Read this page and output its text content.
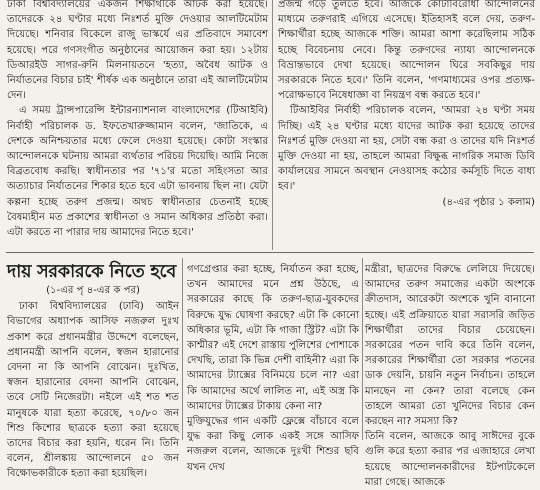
ঢাকা বিশ্ববিদ্যালয়ের একজন শিক্ষার্থীকে আটক করা হয়েছে। তাদেরকে ২৪ ঘণ্টার মধ্যে নিঃশর্ত মুক্তি দেওয়ার আলটিমেটাম দিয়েছে। শনিবার বিকেলে রাজু ভাস্কর্যে এর প্রতিবাদে সমাবেশ হয়েছে। পরে গণসংগীত অনুষ্ঠানের আয়োজন করা হয়। ১২টায় ডিআরইউ সাগর-রুনি মিলনায়তনে 'হত্যা, অবৈধ আটক ও নির্যাতনের বিচার চাই' শীর্ষক এক অনুষ্ঠানে তারা এই আলটিমেটাম দেন।

এ সময় ট্রান্সপারেন্সি ইন্টারন্যাশনাল বাংলাদেশের (টিআইবি) নির্বাহী পরিচালক ড. ইফতেখারুজ্জামান বলেন, 'জাতিকে, এ দেশকে অনিশ্চয়তার মধ্যে ফেলে দেওয়া হয়েছে। কোটা সংস্কার আন্দোলনকে ঘটনায় আমরা ব্যর্থতার পরিচয় দিয়েছি। আমি নিজে বিব্রতবোধ করছি। স্বাধীনতার পর '৭১'র মতো সহিংসতা আর অত্যাচার নির্যাতনের শিকার হতে হবে এটা ভাবনায় ছিল না। যেটা কল্পনা হচ্ছে তরুণ প্রজন্ম। অথচ স্বাধীনতার চেতনাই হচ্ছে বৈষম্যহীন মত প্রকাশের স্বাধীনতা ও সমান অধিকার প্রতিষ্ঠা করা। এটা করতে না পারার দায় আমাদের নিতে হবে।'

প্রজন্ম গড়ে তুলতে হবে। আজকে কোটাবিরোধী আন্দোলনের মাধ্যমে তরুণরাই এগিয়ে এসেছে। ইতিহাসই বলে দেয়, তরুণ-শিক্ষার্থীরা হচ্ছে আজকে শক্তি। আমরা আশা করেছিলাম সঠিক হচ্ছে বিবেচনায় নেবে। কিন্তু তরুণদের ন্যায্য আন্দোলনকে বিভ্রান্তভাবে দেখা হয়েছে। আন্দোলন ঘিরে সবকিছুর দায় সরকারকে নিতে হবে।' তিনি বলেন, 'গণমাধ্যমের ওপর প্রত্যক্ষ-পরোক্ষভাবে নিষেধাজ্ঞা বা নিয়ন্ত্রণ বন্ধ করতে হবে।'

টিআইবির নির্বাহী পরিচালক বলেন, 'আমরা ২৪ ঘণ্টা সময় দিচ্ছি। এই ২৪ ঘণ্টার মধ্যে যাদের আটক করা হয়েছে তাদের নিঃশর্ত মুক্তি দেওয়া না হয়, সেটা বন্ধ করা ও তাদের যদি নিঃশর্ত মুক্তি দেওয়া না হয়, তাহলে আমরা বিক্ষুব্ধ নাগরিক সমাজ ডিবি কার্যালয়ের সামনে অবস্থান নেওয়াসহ কঠোর কর্মসূচি দিতে বাধ্য হব।'

(৪-এর পৃষ্ঠার ১ কলাম)

দায় সরকারকে নিতে হবে

(১-এর পৃ ৪-এর ক পর)

ঢাকা বিশ্ববিদ্যালয়ের (ঢাবি) আইন বিভাগের অধ্যাপক আসিফ নজরুল দুঃখ প্রকাশ করে প্রধানমন্ত্রীর উদ্দেশে বলেছেন, প্রধানমন্ত্রী আপনি বলেন, স্বজন হারানোর বেদনা না কি আপনি বোঝেন। দুঃখিত, স্বজন হারানোর বেদনা আপনি বোঝেন, তবে সেটি নিজেরটা। নইলে এই শত শত মানুষকে যারা হত্যা করেছে, ৭০/৮০ জন শিশু কিশোর ছাত্রকে হত্যা করা হয়েছে তাদের বিচার করা হয়নি, ধরেন নি। তিনি বলেন, শ্রীলঙ্কায় আন্দোলনে ৫০ জন বিক্ষোভকারীকে হত্যা করা হয়েছিল।

গণগ্রেপ্তার করা হচ্ছে, নির্যাতন করা হচ্ছে, তখন আমাদের মনে প্রশ্ন উঠছে, এ সরকারের কাছে কি তরুণ-ছাত্র-যুবকদের বিরুদ্ধে যুদ্ধ ঘোষণা করছে? এটা কি কোনো অধিকার ভূমি, এটা কি গাজা স্ট্রিট? এটা কি কাশ্মীর? এই দেশে রাস্তায় পুলিশের পোশাকে দেখছি, তারা কি ভিন্ন দেশী বাহিনী? এরা কি আমাদের ট্যাক্সের বিনিময়ে চলে না? এরা কি আমাদের অর্থে লালিত না, এই অস্ত্র কি আমাদের ট্যাক্সের টাকায় কেনা না?
মুক্তিযুদ্ধের গান একটি ফ্লেক্সে বাঁচাবে বলে যুদ্ধ করা কিছু লোক একই সঙ্গে আসিফ নজরুল বলেন, আজকে দুঃখী শিশুর ছবি যখন দেখ

মন্ত্রীরা, ছাত্রদের বিরুদ্ধে লেলিয়ে দিয়েছে। আমাদের তরুণ সমাজের একটা অংশকে ক্রীতদাস, আরেকটা অংশকে খুনি বানানো হচ্ছে। এই প্রক্রিয়াতে যারা সরাসরি জড়িত শিক্ষার্থীরা তাদের বিচার চেয়েছেন। সরকারের পতন দাবি করে তিনি বলেন, সরকারের শিক্ষার্থীরা তো সরকার পতনের ডাক দেয়নি, চায়নি নতুন নির্বাচন। তাহলে মানছেন না কেন? তারা বলেছে কেন তাহলে আমরা তো খুনিদের বিচার কেন করছেন না? সমস্যা কি?
তিনি বলেন, আজকে আবু সাঈদের বুকে গুলি করে হত্যা করার পর এজাহারে লেখা হয়েছে আন্দোলনকারীদের ইটপাটকেলে মারা গেছে। আজকে
